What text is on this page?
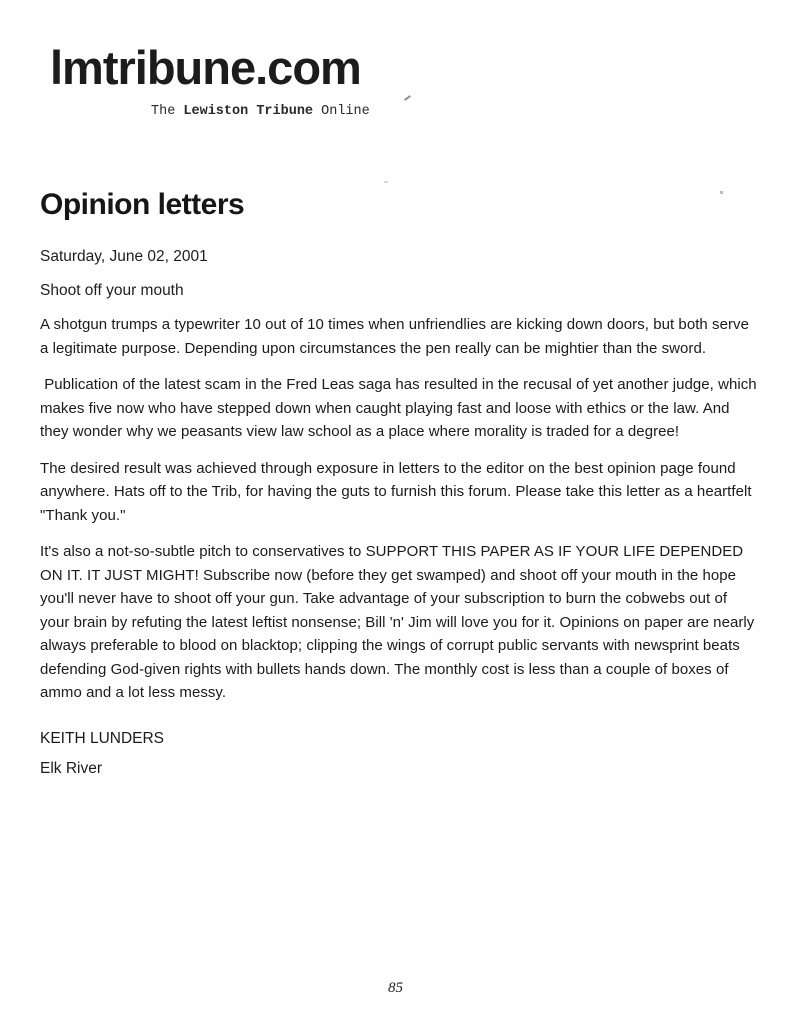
lmtribune.com
The Lewiston Tribune Online
Opinion letters
Saturday, June 02, 2001
Shoot off your mouth
A shotgun trumps a typewriter 10 out of 10 times when unfriendlies are kicking down doors, but both serve a legitimate purpose. Depending upon circumstances the pen really can be mightier than the sword.
Publication of the latest scam in the Fred Leas saga has resulted in the recusal of yet another judge, which makes five now who have stepped down when caught playing fast and loose with ethics or the law. And they wonder why we peasants view law school as a place where morality is traded for a degree!
The desired result was achieved through exposure in letters to the editor on the best opinion page found anywhere. Hats off to the Trib, for having the guts to furnish this forum. Please take this letter as a heartfelt "Thank you."
It's also a not-so-subtle pitch to conservatives to SUPPORT THIS PAPER AS IF YOUR LIFE DEPENDED ON IT. IT JUST MIGHT! Subscribe now (before they get swamped) and shoot off your mouth in the hope you'll never have to shoot off your gun. Take advantage of your subscription to burn the cobwebs out of your brain by refuting the latest leftist nonsense; Bill 'n' Jim will love you for it. Opinions on paper are nearly always preferable to blood on blacktop; clipping the wings of corrupt public servants with newsprint beats defending God-given rights with bullets hands down. The monthly cost is less than a couple of boxes of ammo and a lot less messy.
KEITH LUNDERS
Elk River
85
